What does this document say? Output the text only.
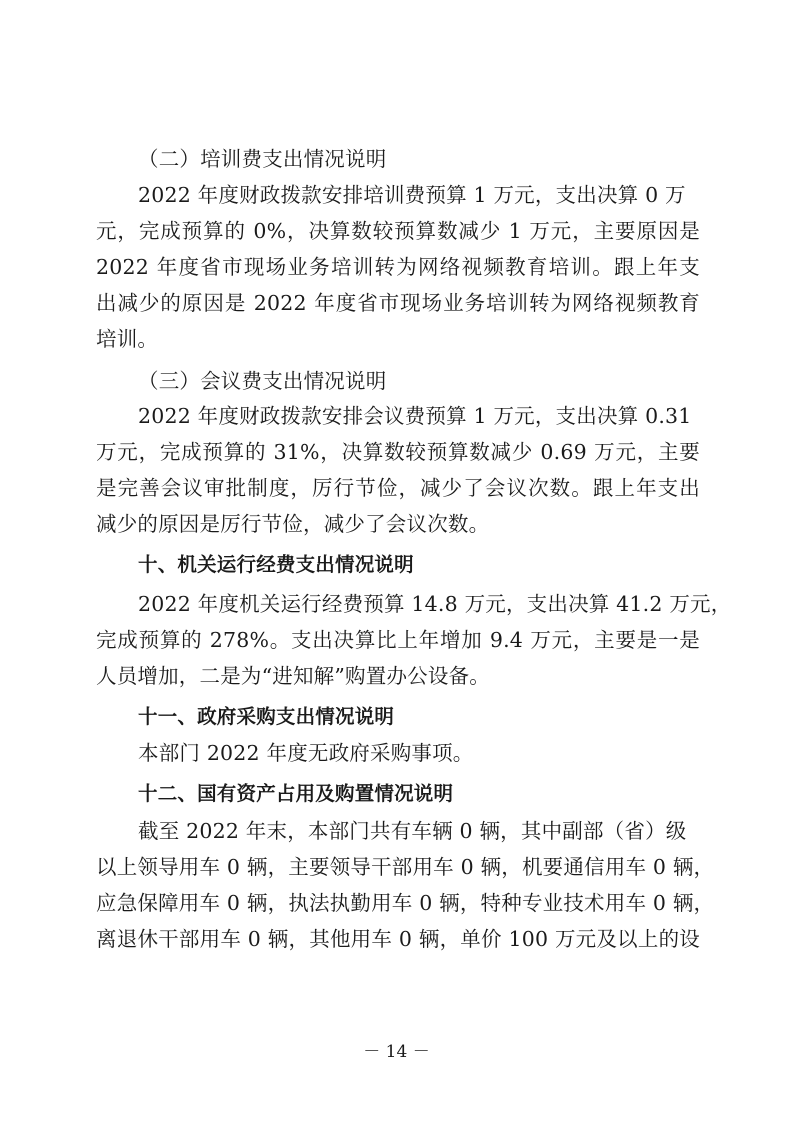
（二）培训费支出情况说明
2022 年度财政拨款安排培训费预算 1 万元，支出决算 0 万
元，完成预算的 0%，决算数较预算数减少 1 万元，主要原因是
2022 年度省市现场业务培训转为网络视频教育培训。跟上年支
出减少的原因是 2022 年度省市现场业务培训转为网络视频教育
培训。
（三）会议费支出情况说明
2022 年度财政拨款安排会议费预算 1 万元，支出决算 0.31
万元，完成预算的 31%，决算数较预算数减少 0.69 万元，主要
是完善会议审批制度，厉行节俭，减少了会议次数。跟上年支出
减少的原因是厉行节俭，减少了会议次数。
十、机关运行经费支出情况说明
2022 年度机关运行经费预算 14.8 万元，支出决算 41.2 万元，
完成预算的 278%。支出决算比上年增加 9.4 万元，主要是一是
人员增加，二是为“进知解”购置办公设备。
十一、政府采购支出情况说明
本部门 2022 年度无政府采购事项。
十二、国有资产占用及购置情况说明
截至 2022 年末，本部门共有车辆 0 辆，其中副部（省）级
以上领导用车 0 辆，主要领导干部用车 0 辆，机要通信用车 0 辆，
应急保障用车 0 辆，执法执勤用车 0 辆，特种专业技术用车 0 辆，
离退休干部用车 0 辆，其他用车 0 辆，单价 100 万元及以上的设
－ 14 －
